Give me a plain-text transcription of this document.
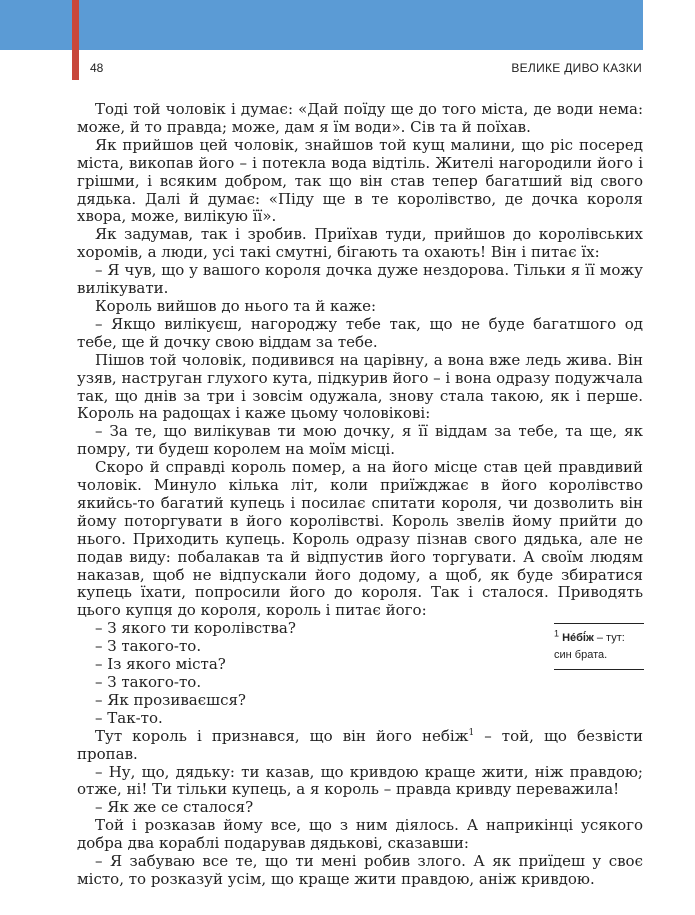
48	ВЕЛИКЕ ДИВО КАЗКИ

Тоді той чоловік і думає: «Дай поїду ще до того міста, де води нема: може, й то правда; може, дам я їм води». Сів та й поїхав.

Як прийшов цей чоловік, знайшов той кущ малини, що ріс посеред міста, викопав його – і потекла вода відтіль. Жителі нагородили його і грішми, і всяким добром, так що він став тепер багатший від свого дядька. Далі й думає: «Піду ще в те королівство, де дочка короля хвора, може, вилікую її».

Як задумав, так і зробив. Приїхав туди, прийшов до королівських хоромів, а люди, усі такі смутні, бігають та охають! Він і питає їх:

– Я чув, що у вашого короля дочка дуже нездорова. Тільки я її можу вилікувати.

Король вийшов до нього та й каже:

– Якщо вилікуєш, нагороджу тебе так, що не буде багатшого од тебе, ще й дочку свою віддам за тебе.

Пішов той чоловік, подивився на царівну, а вона вже ледь жива. Він узяв, наструган глухого кута, підкурив його – і вона одразу подужчала так, що днів за три і зовсім одужала, знову стала такою, як і перше. Король на радощах і каже цьому чоловікові:

– За те, що вилікував ти мою дочку, я її віддам за тебе, та ще, як помру, ти будеш королем на моїм місці.

Скоро й справді король помер, а на його місце став цей правдивий чоловік. Минуло кілька літ, коли приїжджає в його королівство якийсь-то багатий купець і посилає спитати короля, чи дозволить він йому поторгувати в його королівстві. Король звелів йому прийти до нього. Приходить купець. Король одразу пізнав свого дядька, але не подав виду: побалакав та й відпустив його торгувати. А своїм людям наказав, щоб не відпускали його додому, а щоб, як буде збиратися купець їхати, попросили його до короля. Так і сталося. Приводять цього купця до короля, король і питає його:

– З якого ти королівства?

– З такого-то.

– Із якого міста?

– З такого-то.

– Як прозиваєшся?

– Так-то.

Тут король і признався, що він його небіж$^1$ – той, що безвісти пропав.

– Ну, що, дядьку: ти казав, що кривдою краще жити, ніж правдою; отже, ні! Ти тільки купець, а я король – правда кривду переважила!

– Як же се сталося?

Той і розказав йому все, що з ним діялось. А наприкінці усякого добра два кораблі подарував дядькові, сказавши:

– Я забуваю все те, що ти мені робив злого. А як приїдеш у своє місто, то розказуй усім, що краще жити правдою, аніж кривдою.

$^1$ Нéбі́ж – тут: син брата.
